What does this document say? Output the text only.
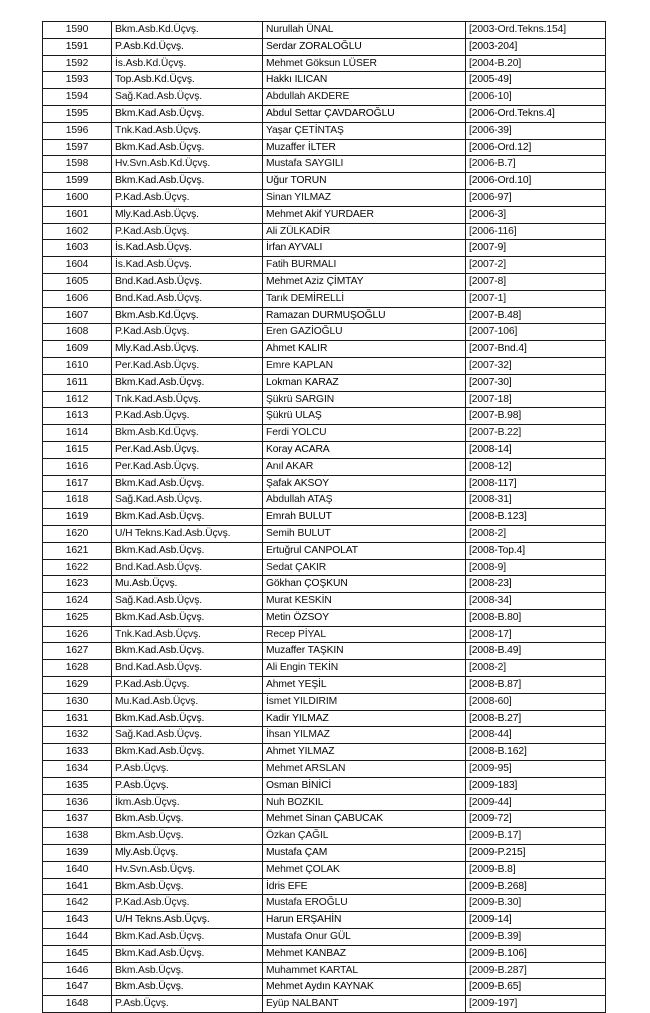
1590	Bkm.Asb.Kd.Üçvş.	Nurullah ÜNAL	[2003-Ord.Tekns.154]
1591	P.Asb.Kd.Üçvş.	Serdar ZORALOĞLU	[2003-204]
1592	İs.Asb.Kd.Üçvş.	Mehmet Göksun LÜSER	[2004-B.20]
1593	Top.Asb.Kd.Üçvş.	Hakkı ILICAN	[2005-49]
1594	Sağ.Kad.Asb.Üçvş.	Abdullah AKDERE	[2006-10]
1595	Bkm.Kad.Asb.Üçvş.	Abdul Settar ÇAVDAROĞLU	[2006-Ord.Tekns.4]
1596	Tnk.Kad.Asb.Üçvş.	Yaşar ÇETİNTAŞ	[2006-39]
1597	Bkm.Kad.Asb.Üçvş.	Muzaffer İLTER	[2006-Ord.12]
1598	Hv.Svn.Asb.Kd.Üçvş.	Mustafa SAYGILI	[2006-B.7]
1599	Bkm.Kad.Asb.Üçvş.	Uğur TORUN	[2006-Ord.10]
1600	P.Kad.Asb.Üçvş.	Sinan YILMAZ	[2006-97]
1601	Mly.Kad.Asb.Üçvş.	Mehmet Akif YURDAER	[2006-3]
1602	P.Kad.Asb.Üçvş.	Ali ZÜLKADİR	[2006-116]
1603	İs.Kad.Asb.Üçvş.	İrfan AYVALI	[2007-9]
1604	İs.Kad.Asb.Üçvş.	Fatih BURMALI	[2007-2]
1605	Bnd.Kad.Asb.Üçvş.	Mehmet Aziz ÇİMTAY	[2007-8]
1606	Bnd.Kad.Asb.Üçvş.	Tarık DEMİRELLİ	[2007-1]
1607	Bkm.Asb.Kd.Üçvş.	Ramazan DURMUŞOĞLU	[2007-B.48]
1608	P.Kad.Asb.Üçvş.	Eren GAZİOĞLU	[2007-106]
1609	Mly.Kad.Asb.Üçvş.	Ahmet KALIR	[2007-Bnd.4]
1610	Per.Kad.Asb.Üçvş.	Emre KAPLAN	[2007-32]
1611	Bkm.Kad.Asb.Üçvş.	Lokman KARAZ	[2007-30]
1612	Tnk.Kad.Asb.Üçvş.	Şükrü SARGIN	[2007-18]
1613	P.Kad.Asb.Üçvş.	Şükrü ULAŞ	[2007-B.98]
1614	Bkm.Asb.Kd.Üçvş.	Ferdi YOLCU	[2007-B.22]
1615	Per.Kad.Asb.Üçvş.	Koray ACARA	[2008-14]
1616	Per.Kad.Asb.Üçvş.	Anıl AKAR	[2008-12]
1617	Bkm.Kad.Asb.Üçvş.	Şafak AKSOY	[2008-117]
1618	Sağ.Kad.Asb.Üçvş.	Abdullah ATAŞ	[2008-31]
1619	Bkm.Kad.Asb.Üçvş.	Emrah BULUT	[2008-B.123]
1620	U/H Tekns.Kad.Asb.Üçvş.	Semih BULUT	[2008-2]
1621	Bkm.Kad.Asb.Üçvş.	Ertuğrul CANPOLAT	[2008-Top.4]
1622	Bnd.Kad.Asb.Üçvş.	Sedat ÇAKIR	[2008-9]
1623	Mu.Asb.Üçvş.	Gökhan ÇOŞKUN	[2008-23]
1624	Sağ.Kad.Asb.Üçvş.	Murat KESKİN	[2008-34]
1625	Bkm.Kad.Asb.Üçvş.	Metin ÖZSOY	[2008-B.80]
1626	Tnk.Kad.Asb.Üçvş.	Recep PİYAL	[2008-17]
1627	Bkm.Kad.Asb.Üçvş.	Muzaffer TAŞKIN	[2008-B.49]
1628	Bnd.Kad.Asb.Üçvş.	Ali Engin TEKİN	[2008-2]
1629	P.Kad.Asb.Üçvş.	Ahmet YEŞİL	[2008-B.87]
1630	Mu.Kad.Asb.Üçvş.	İsmet YILDIRIM	[2008-60]
1631	Bkm.Kad.Asb.Üçvş.	Kadir YILMAZ	[2008-B.27]
1632	Sağ.Kad.Asb.Üçvş.	İhsan YILMAZ	[2008-44]
1633	Bkm.Kad.Asb.Üçvş.	Ahmet YILMAZ	[2008-B.162]
1634	P.Asb.Üçvş.	Mehmet ARSLAN	[2009-95]
1635	P.Asb.Üçvş.	Osman BİNİCİ	[2009-183]
1636	İkm.Asb.Üçvş.	Nuh BOZKIL	[2009-44]
1637	Bkm.Asb.Üçvş.	Mehmet Sinan ÇABUCAK	[2009-72]
1638	Bkm.Asb.Üçvş.	Özkan ÇAĞIL	[2009-B.17]
1639	Mly.Asb.Üçvş.	Mustafa ÇAM	[2009-P.215]
1640	Hv.Svn.Asb.Üçvş.	Mehmet ÇOLAK	[2009-B.8]
1641	Bkm.Asb.Üçvş.	İdris EFE	[2009-B.268]
1642	P.Kad.Asb.Üçvş.	Mustafa EROĞLU	[2009-B.30]
1643	U/H Tekns.Asb.Üçvş.	Harun ERŞAHİN	[2009-14]
1644	Bkm.Kad.Asb.Üçvş.	Mustafa Onur GÜL	[2009-B.39]
1645	Bkm.Kad.Asb.Üçvş.	Mehmet KANBAZ	[2009-B.106]
1646	Bkm.Asb.Üçvş.	Muhammet KARTAL	[2009-B.287]
1647	Bkm.Asb.Üçvş.	Mehmet Aydın KAYNAK	[2009-B.65]
1648	P.Asb.Üçvş.	Eyüp NALBANT	[2009-197]
